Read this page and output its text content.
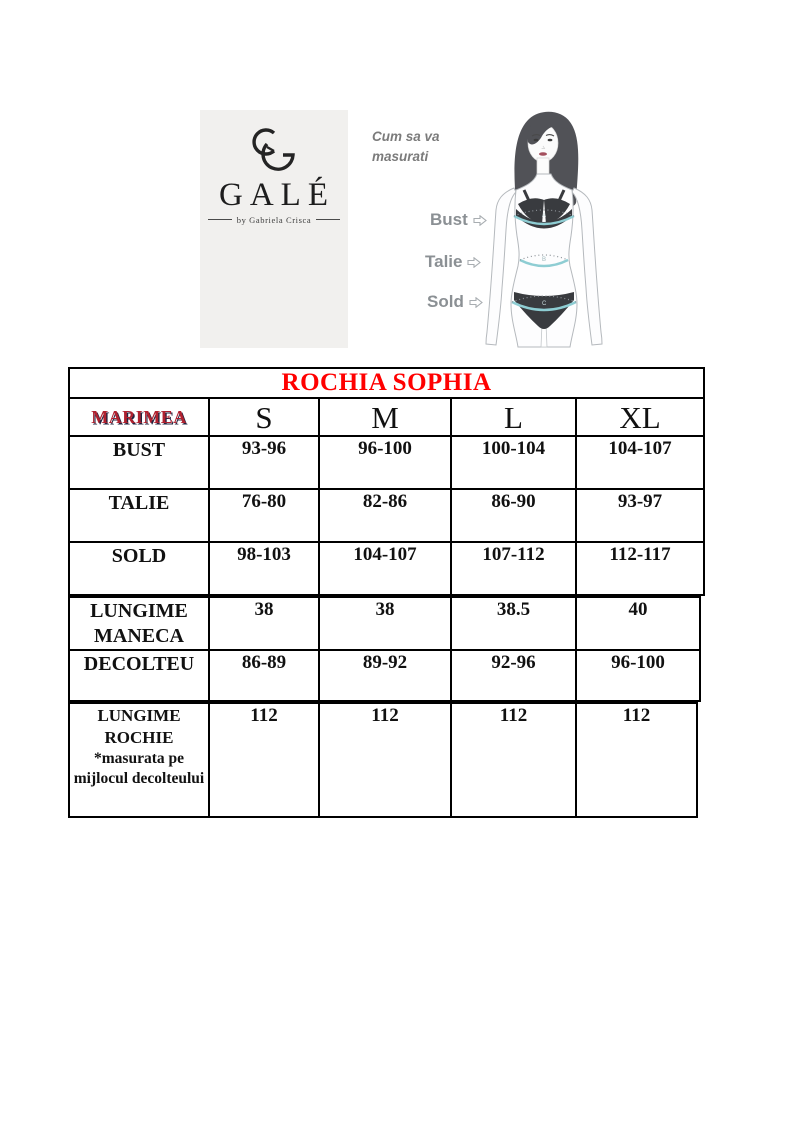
GALÉ
by Gabriela Crisca
Cum sa va masurati
Bust
Talie
Sold
A
B
C
ROCHIA SOPHIA				
MARIMEA	S	M	L	XL
BUST	93-96	96-100	100-104	104-107
TALIE	76-80	82-86	86-90	93-97
SOLD	98-103	104-107	107-112	112-117
LUNGIME MANECA	38	38	38.5	40
DECOLTEU	86-89	89-92	92-96	96-100
LUNGIME ROCHIE
*masurata pe mijlocul decolteului
	112	112	112	112
